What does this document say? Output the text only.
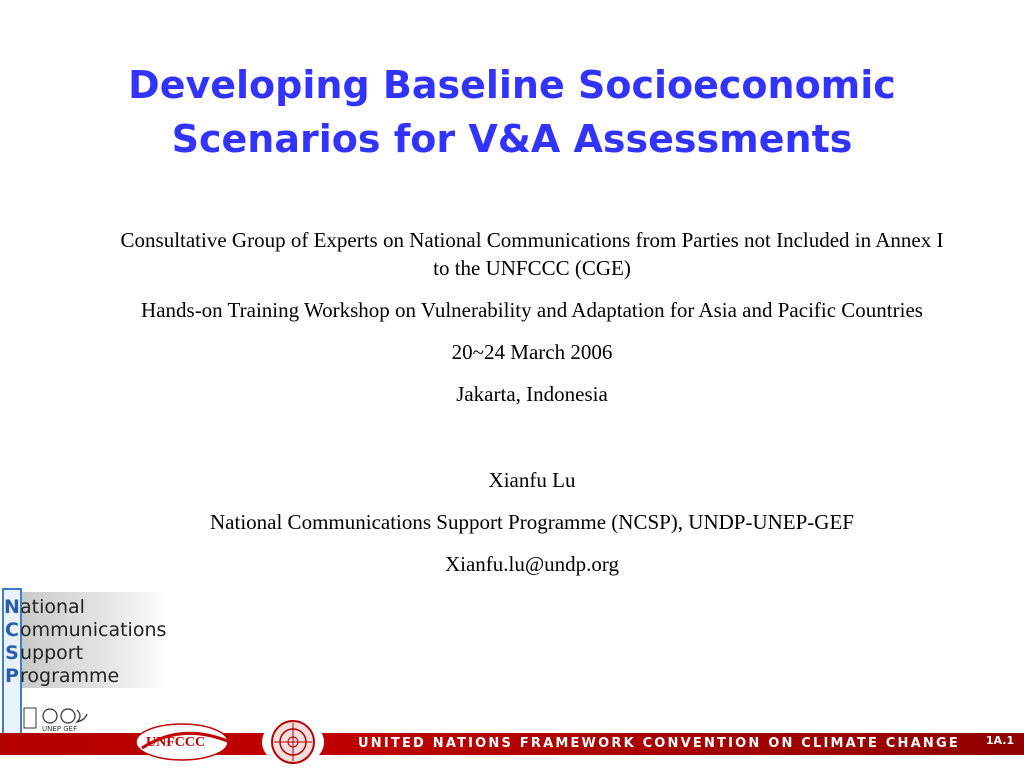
Developing Baseline Socioeconomic
Scenarios for V&A Assessments

Consultative Group of Experts on National Communications from Parties not Included in Annex I to the UNFCCC (CGE)

Hands-on Training Workshop on Vulnerability and Adaptation for Asia and Pacific Countries

20~24 March 2006

Jakarta, Indonesia

Xianfu Lu

National Communications Support Programme (NCSP), UNDP-UNEP-GEF

Xianfu.lu@undp.org

National
Communications
Support
Programme
UNEP GEF
UNFCCC	UNITED NATIONS FRAMEWORK CONVENTION ON CLIMATE CHANGE	1A.1
